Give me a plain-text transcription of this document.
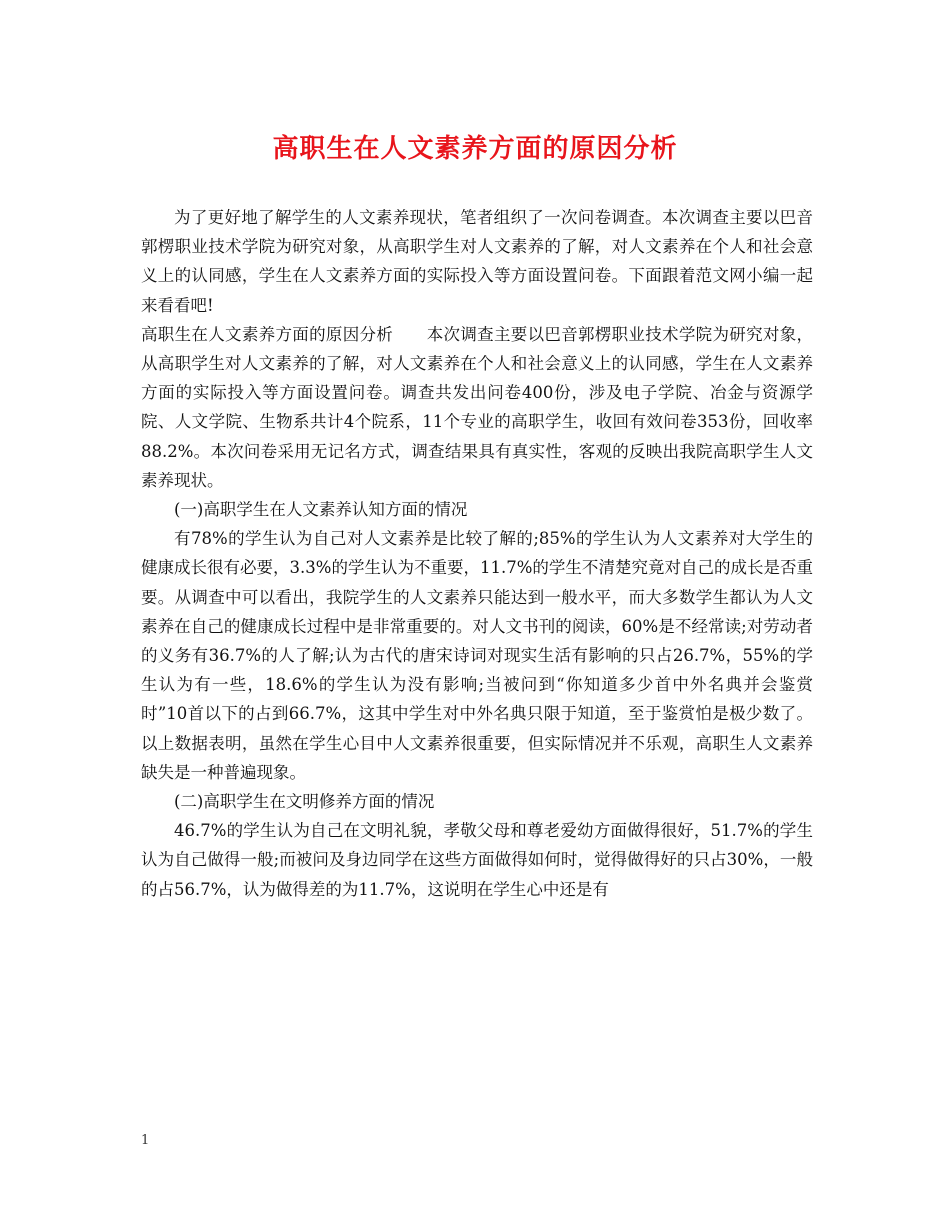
高职生在人文素养方面的原因分析

为了更好地了解学生的人文素养现状，笔者组织了一次问卷调查。本次调查主要以巴音郭楞职业技术学院为研究对象，从高职学生对人文素养的了解，对人文素养在个人和社会意义上的认同感，学生在人文素养方面的实际投入等方面设置问卷。下面跟着范文网小编一起来看看吧!

高职生在人文素养方面的原因分析　　本次调查主要以巴音郭楞职业技术学院为研究对象，从高职学生对人文素养的了解，对人文素养在个人和社会意义上的认同感，学生在人文素养方面的实际投入等方面设置问卷。调查共发出问卷400份，涉及电子学院、冶金与资源学院、人文学院、生物系共计4个院系，11个专业的高职学生，收回有效问卷353份，回收率88.2%。本次问卷采用无记名方式，调查结果具有真实性，客观的反映出我院高职学生人文素养现状。

(一)高职学生在人文素养认知方面的情况

有78%的学生认为自己对人文素养是比较了解的;85%的学生认为人文素养对大学生的健康成长很有必要，3.3%的学生认为不重要，11.7%的学生不清楚究竟对自己的成长是否重要。从调查中可以看出，我院学生的人文素养只能达到一般水平，而大多数学生都认为人文素养在自己的健康成长过程中是非常重要的。对人文书刊的阅读，60%是不经常读;对劳动者的义务有36.7%的人了解;认为古代的唐宋诗词对现实生活有影响的只占26.7%，55%的学生认为有一些，18.6%的学生认为没有影响;当被问到“你知道多少首中外名典并会鉴赏时”10首以下的占到66.7%，这其中学生对中外名典只限于知道，至于鉴赏怕是极少数了。以上数据表明，虽然在学生心目中人文素养很重要，但实际情况并不乐观，高职生人文素养缺失是一种普遍现象。

(二)高职学生在文明修养方面的情况

46.7%的学生认为自己在文明礼貌，孝敬父母和尊老爱幼方面做得很好，51.7%的学生认为自己做得一般;而被问及身边同学在这些方面做得如何时，觉得做得好的只占30%，一般的占56.7%，认为做得差的为11.7%，这说明在学生心中还是有

1
